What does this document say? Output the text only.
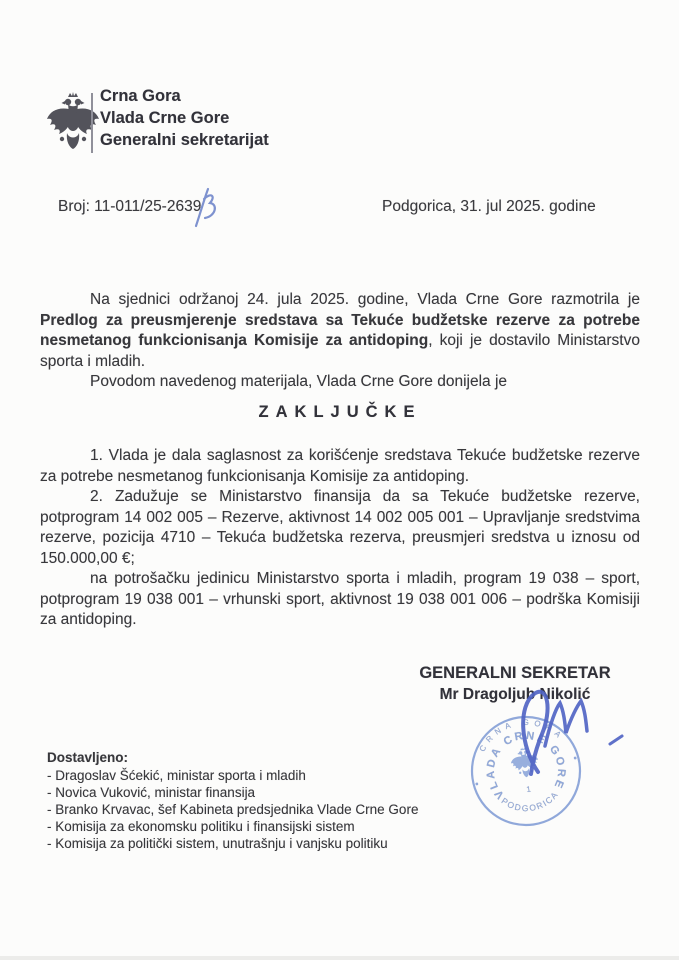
Crna Gora
Vlada Crne Gore
Generalni sekretarijat
Broj: 11-011/25-2639	Podgorica, 31. jul 2025. godine

Na sjednici održanoj 24. jula 2025. godine, Vlada Crne Gore razmotrila je Predlog za preusmjerenje sredstava sa Tekuće budžetske rezerve za potrebe nesmetanog funkcionisanja Komisije za antidoping, koji je dostavilo Ministarstvo sporta i mladih.

Povodom navedenog materijala, Vlada Crne Gore donijela je

ZAKLJUČKE

1. Vlada je dala saglasnost za korišćenje sredstava Tekuće budžetske rezerve za potrebe nesmetanog funkcionisanja Komisije za antidoping.

2. Zadužuje se Ministarstvo finansija da sa Tekuće budžetske rezerve, potprogram 14 002 005 – Rezerve, aktivnost 14 002 005 001 – Upravljanje sredstvima rezerve, pozicija 4710 – Tekuća budžetska rezerva, preusmjeri sredstva u iznosu od 150.000,00 €;

na potrošačku jedinicu Ministarstvo sporta i mladih, program 19 038 – sport, potprogram 19 038 001 – vrhunski sport, aktivnost 19 038 001 006 – podrška Komisiji za antidoping.

GENERALNI SEKRETAR
Mr Dragoljub Nikolić
CRNA GORA
VLADA CRNE GORE
PODGORICA
1

Dostavljeno:

- Dragoslav Šćekić, ministar sporta i mladih
- Novica Vuković, ministar finansija
- Branko Krvavac, šef Kabineta predsjednika Vlade Crne Gore
- Komisija za ekonomsku politiku i finansijski sistem
- Komisija za politički sistem, unutrašnju i vanjsku politiku
